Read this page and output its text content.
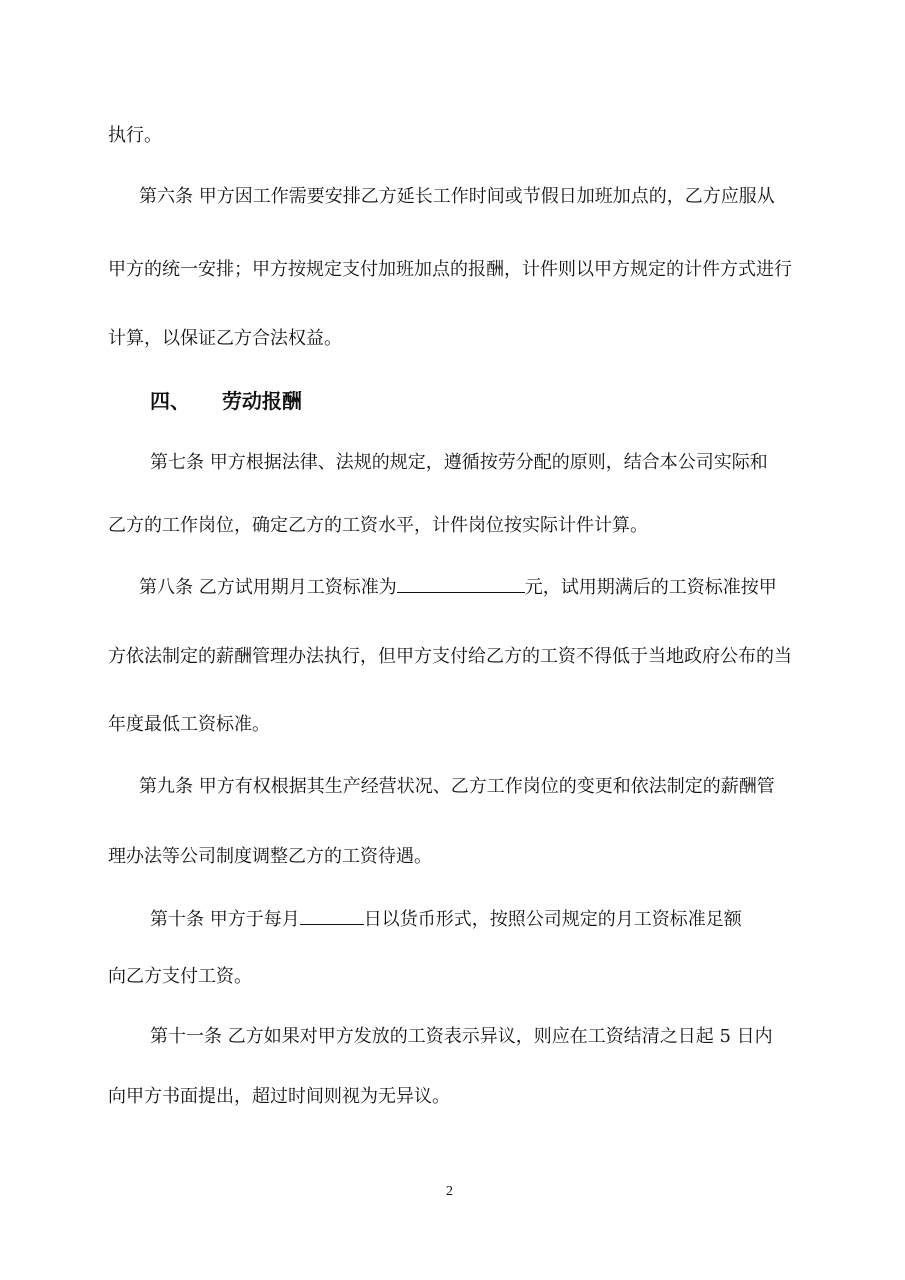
执行。
第六条 甲方因工作需要安排乙方延长工作时间或节假日加班加点的，乙方应服从
甲方的统一安排；甲方按规定支付加班加点的报酬，计件则以甲方规定的计件方式进行
计算，以保证乙方合法权益。
四、 劳动报酬
第七条 甲方根据法律、法规的规定，遵循按劳分配的原则，结合本公司实际和
乙方的工作岗位，确定乙方的工资水平，计件岗位按实际计件计算。
第八条 乙方试用期月工资标准为	元，试用期满后的工资标准按甲
方依法制定的薪酬管理办法执行，但甲方支付给乙方的工资不得低于当地政府公布的当
年度最低工资标准。
第九条 甲方有权根据其生产经营状况、乙方工作岗位的变更和依法制定的薪酬管
理办法等公司制度调整乙方的工资待遇。
第十条 甲方于每月	日以货币形式，按照公司规定的月工资标准足额
向乙方支付工资。
第十一条 乙方如果对甲方发放的工资表示异议，则应在工资结清之日起 5 日内
向甲方书面提出，超过时间则视为无异议。
2
